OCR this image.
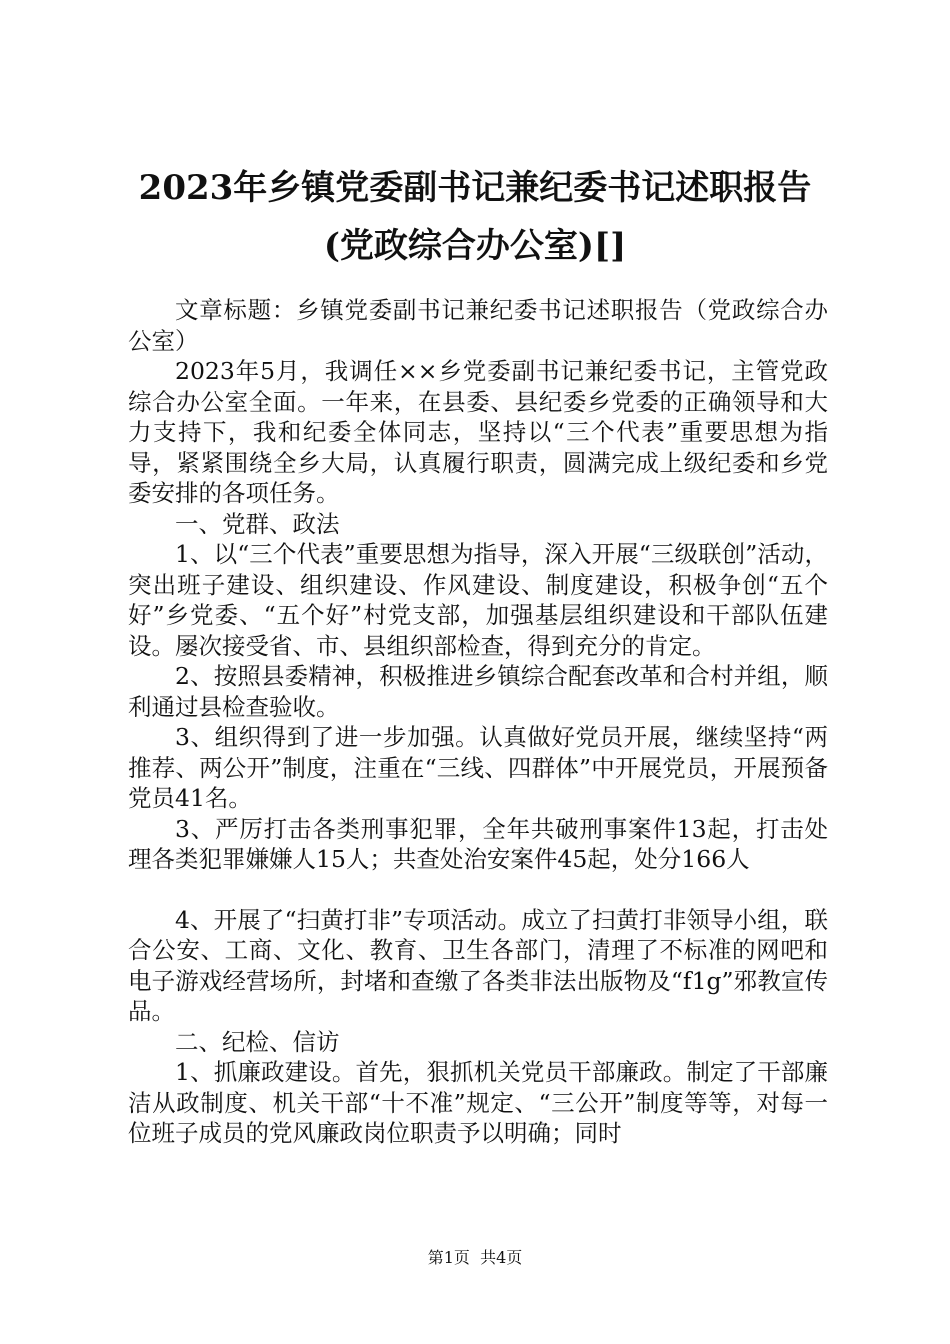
2023年乡镇党委副书记兼纪委书记述职报告
(党政综合办公室)[]

文章标题：乡镇党委副书记兼纪委书记述职报告（党政综合办公室）

2023年5月，我调任××乡党委副书记兼纪委书记，主管党政综合办公室全面。一年来，在县委、县纪委乡党委的正确领导和大力支持下，我和纪委全体同志，坚持以“三个代表”重要思想为指导，紧紧围绕全乡大局，认真履行职责，圆满完成上级纪委和乡党委安排的各项任务。

一、党群、政法

1、以“三个代表”重要思想为指导，深入开展“三级联创”活动，突出班子建设、组织建设、作风建设、制度建设，积极争创“五个好”乡党委、“五个好”村党支部，加强基层组织建设和干部队伍建设。屡次接受省、市、县组织部检查，得到充分的肯定。

2、按照县委精神，积极推进乡镇综合配套改革和合村并组，顺利通过县检查验收。

3、组织得到了进一步加强。认真做好党员开展，继续坚持“两推荐、两公开”制度，注重在“三线、四群体”中开展党员，开展预备党员41名。

3、严厉打击各类刑事犯罪，全年共破刑事案件13起，打击处理各类犯罪嫌嫌人15人；共查处治安案件45起，处分166人

4、开展了“扫黄打非”专项活动。成立了扫黄打非领导小组，联合公安、工商、文化、教育、卫生各部门，清理了不标准的网吧和电子游戏经营场所，封堵和查缴了各类非法出版物及“f1g”邪教宣传品。

二、纪检、信访

1、抓廉政建设。首先，狠抓机关党员干部廉政。制定了干部廉洁从政制度、机关干部“十不准”规定、“三公开”制度等等，对每一位班子成员的党风廉政岗位职责予以明确；同时

第1页 共4页
